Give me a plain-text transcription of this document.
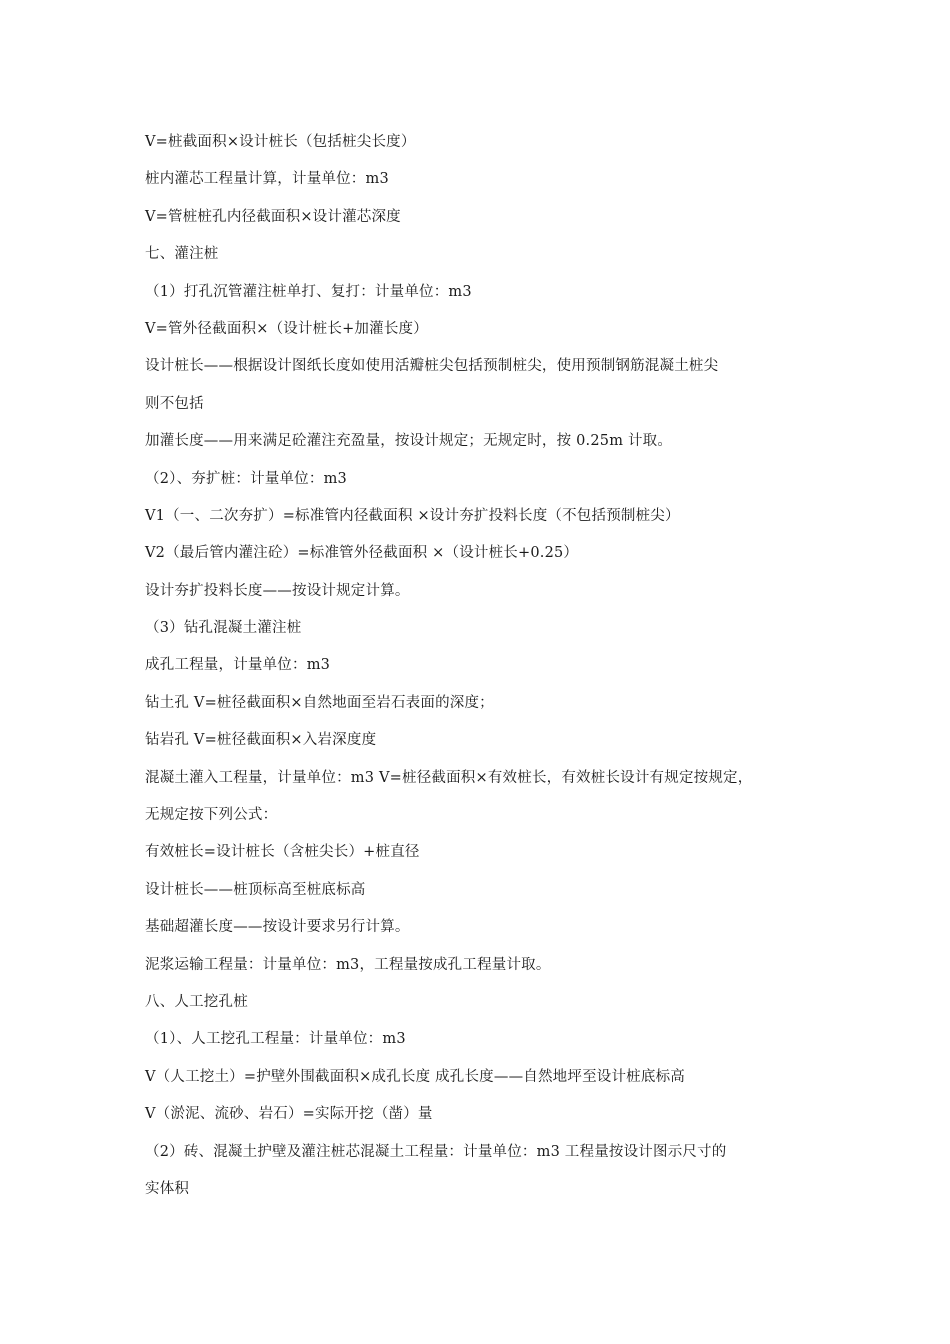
V=桩截面积×设计桩长（包括桩尖长度）
桩内灌芯工程量计算，计量单位：m3
V=管桩桩孔内径截面积×设计灌芯深度
七、灌注桩
（1）打孔沉管灌注桩单打、复打：计量单位：m3
V=管外径截面积×（设计桩长+加灌长度）
设计桩长——根据设计图纸长度如使用活瓣桩尖包括预制桩尖，使用预制钢筋混凝土桩尖
则不包括
加灌长度——用来满足砼灌注充盈量，按设计规定；无规定时，按 0.25m 计取。
（2）、夯扩桩：计量单位：m3
V1（一、二次夯扩）=标准管内径截面积 ×设计夯扩投料长度（不包括预制桩尖）
V2（最后管内灌注砼）=标准管外径截面积 ×（设计桩长+0.25）
设计夯扩投料长度——按设计规定计算。
（3）钻孔混凝土灌注桩
成孔工程量，计量单位：m3
钻土孔 V=桩径截面积×自然地面至岩石表面的深度；
钻岩孔 V=桩径截面积×入岩深度度
混凝土灌入工程量，计量单位：m3 V=桩径截面积×有效桩长，有效桩长设计有规定按规定，
无规定按下列公式：
有效桩长=设计桩长（含桩尖长）+桩直径
设计桩长——桩顶标高至桩底标高
基础超灌长度——按设计要求另行计算。
泥浆运输工程量：计量单位：m3，工程量按成孔工程量计取。
八、人工挖孔桩
（1）、人工挖孔工程量：计量单位：m3
V（人工挖土）=护壁外围截面积×成孔长度 成孔长度——自然地坪至设计桩底标高
V（淤泥、流砂、岩石）=实际开挖（凿）量
（2）砖、混凝土护壁及灌注桩芯混凝土工程量：计量单位：m3 工程量按设计图示尺寸的
实体积
